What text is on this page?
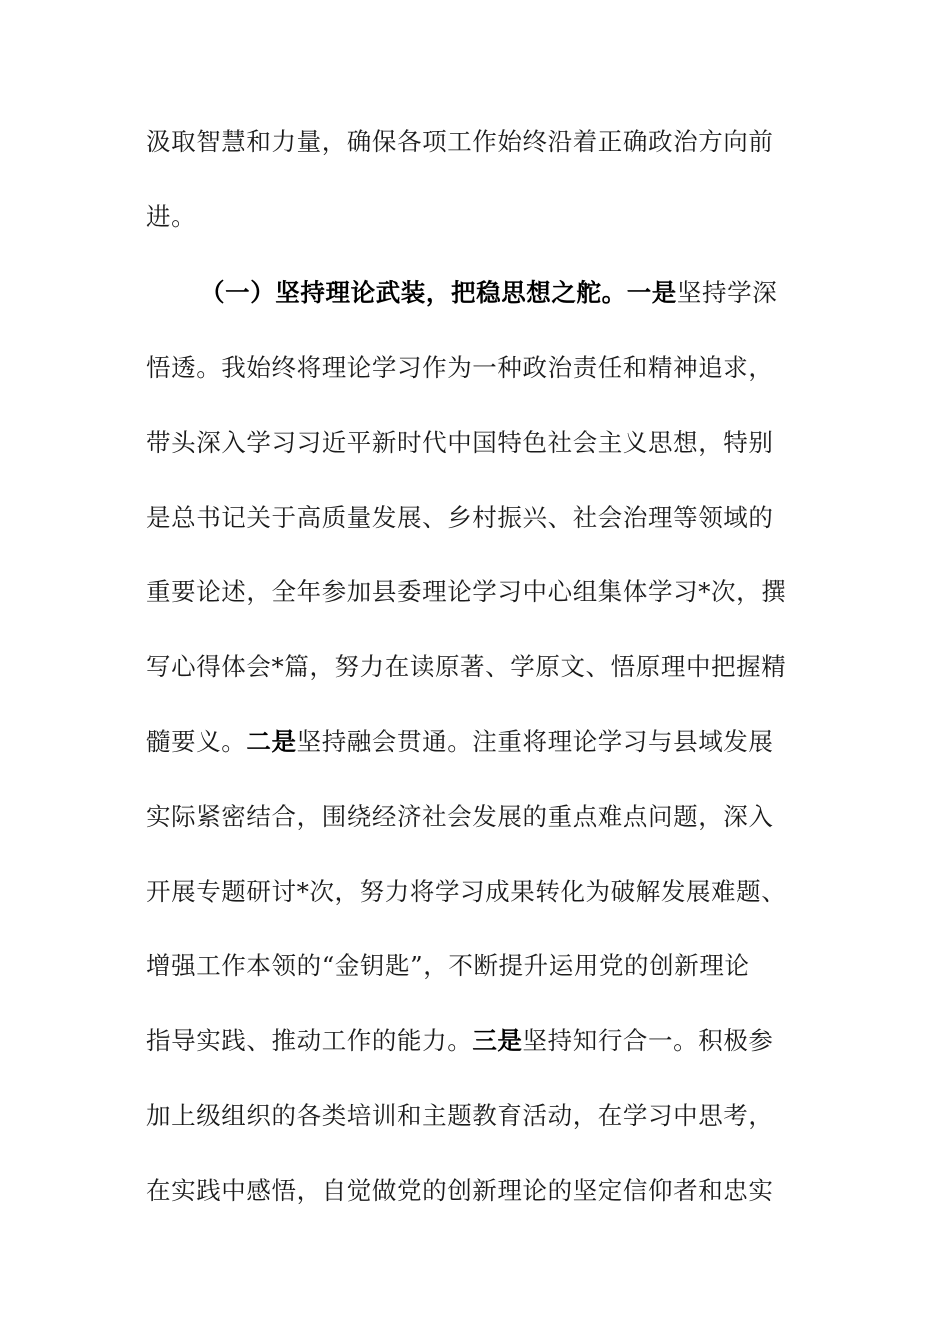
汲取智慧和力量，确保各项工作始终沿着正确政治方向前
进。
（一）坚持理论武装，把稳思想之舵。一是坚持学深
悟透。我始终将理论学习作为一种政治责任和精神追求，
带头深入学习习近平新时代中国特色社会主义思想，特别
是总书记关于高质量发展、乡村振兴、社会治理等领域的
重要论述，全年参加县委理论学习中心组集体学习*次，撰
写心得体会*篇，努力在读原著、学原文、悟原理中把握精
髓要义。二是坚持融会贯通。注重将理论学习与县域发展
实际紧密结合，围绕经济社会发展的重点难点问题，深入
开展专题研讨*次，努力将学习成果转化为破解发展难题、
增强工作本领的“金钥匙”，不断提升运用党的创新理论
指导实践、推动工作的能力。三是坚持知行合一。积极参
加上级组织的各类培训和主题教育活动，在学习中思考，
在实践中感悟，自觉做党的创新理论的坚定信仰者和忠实
